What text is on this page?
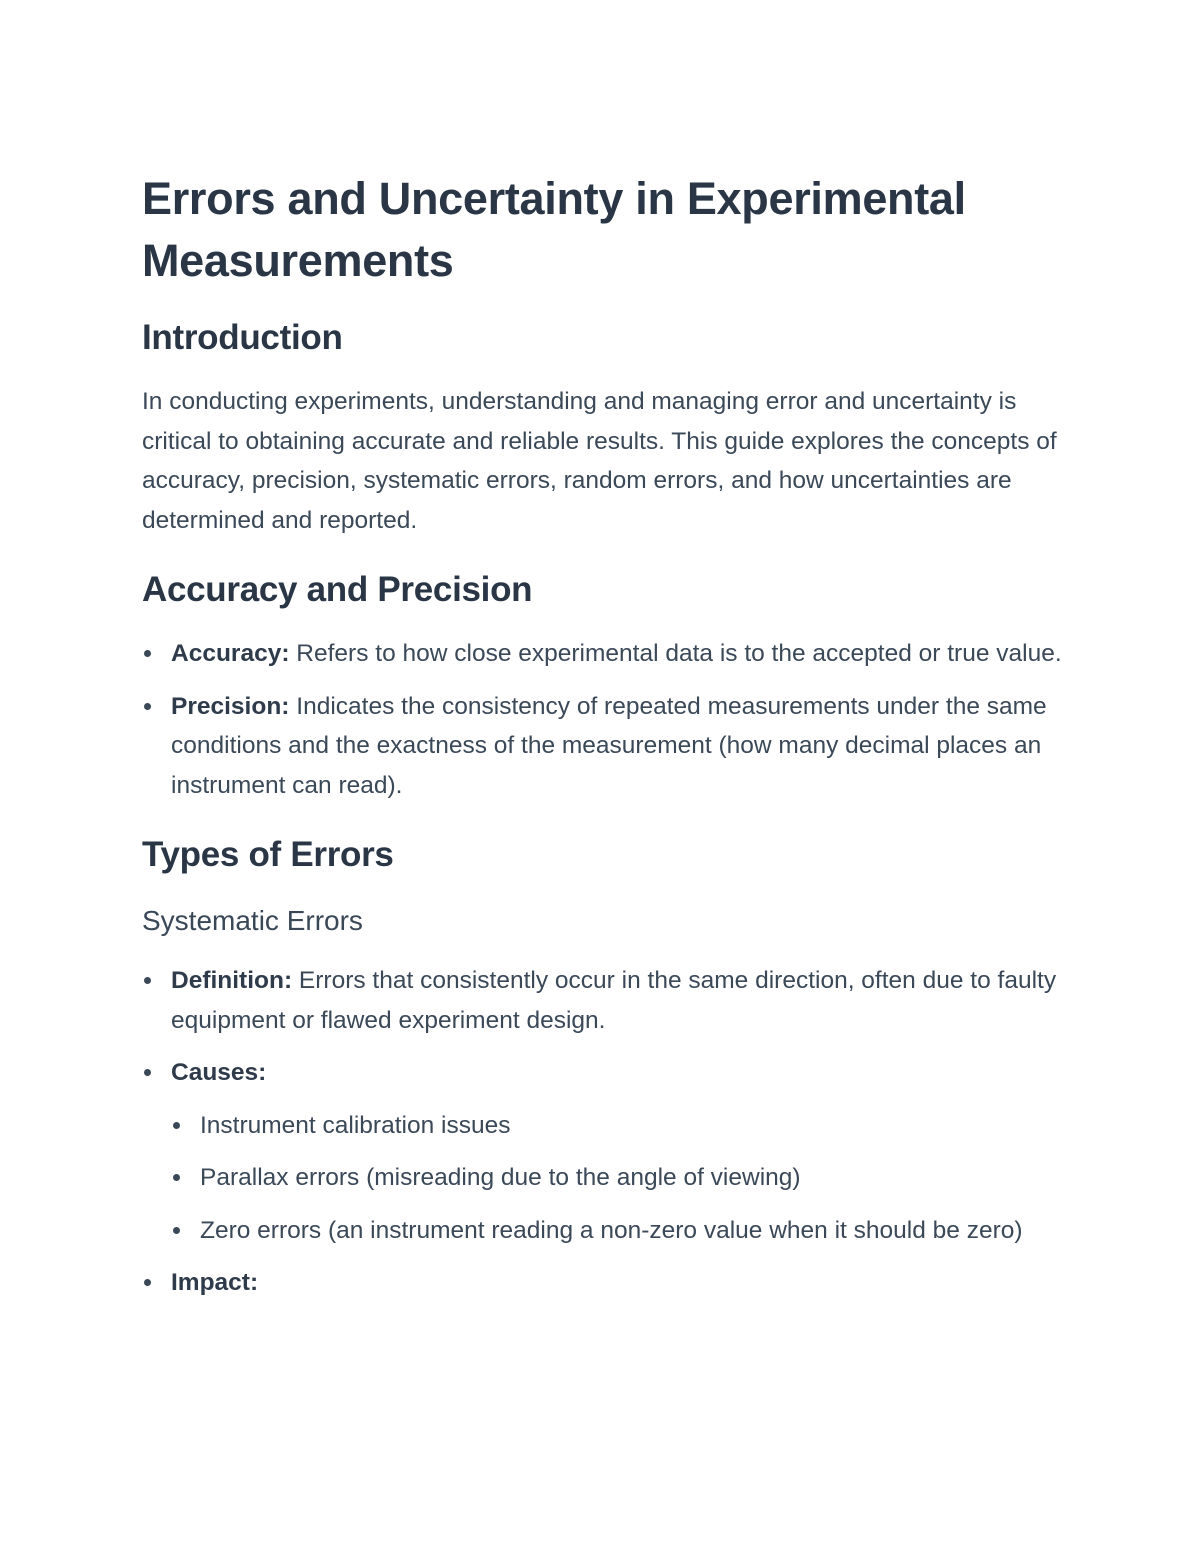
Errors and Uncertainty in Experimental Measurements
Introduction

In conducting experiments, understanding and managing error and uncertainty is critical to obtaining accurate and reliable results. This guide explores the concepts of accuracy, precision, systematic errors, random errors, and how uncertainties are determined and reported.

Accuracy and Precision
Accuracy: Refers to how close experimental data is to the accepted or true value.
Precision: Indicates the consistency of repeated measurements under the same conditions and the exactness of the measurement (how many decimal places an instrument can read).
Types of Errors
Systematic Errors
Definition: Errors that consistently occur in the same direction, often due to faulty equipment or flawed experiment design.
Causes:
Instrument calibration issues
Parallax errors (misreading due to the angle of viewing)
Zero errors (an instrument reading a non-zero value when it should be zero)
Impact:
